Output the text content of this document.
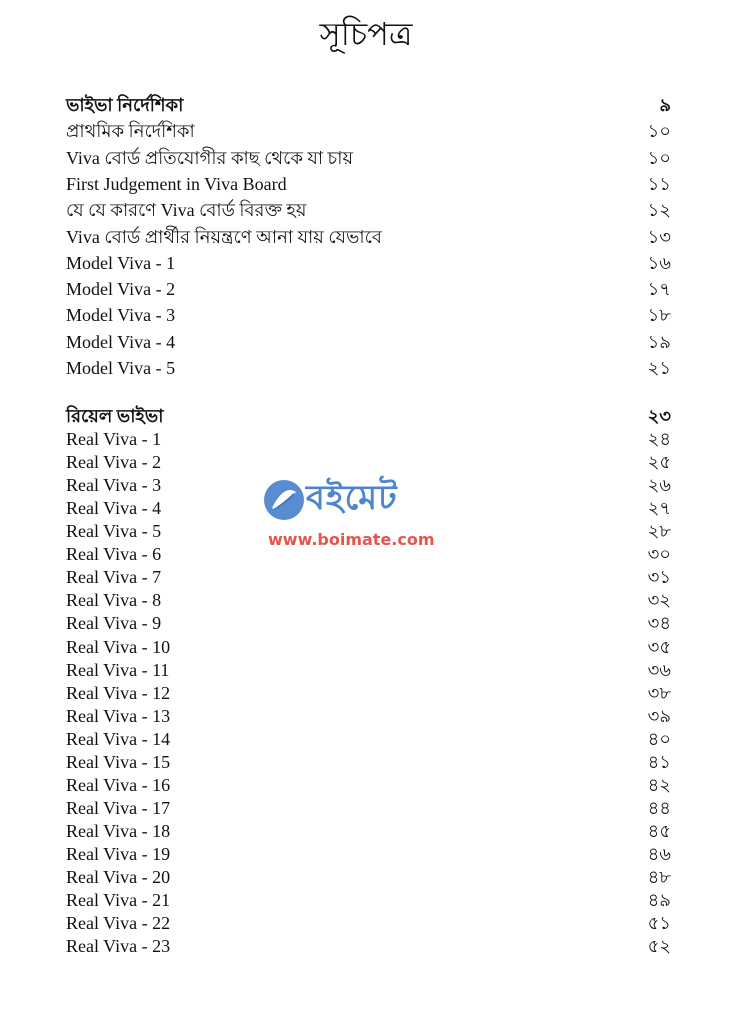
সূচিপত্র
ভাইভা নির্দেশিকা	৯
প্রাথমিক নির্দেশিকা	১০
Viva বোর্ড প্রতিযোগীর কাছ থেকে যা চায়	১০
First Judgement in Viva Board	১১
যে যে কারণে Viva বোর্ড বিরক্ত হয়	১২
Viva বোর্ড প্রার্থীর নিয়ন্ত্রণে আনা যায় যেভাবে	১৩
Model Viva - 1	১৬
Model Viva - 2	১৭
Model Viva - 3	১৮
Model Viva - 4	১৯
Model Viva - 5	২১
রিয়েল ভাইভা	২৩
Real Viva - 1	২৪
Real Viva - 2	২৫
Real Viva - 3	২৬
Real Viva - 4	২৭
Real Viva - 5	২৮
Real Viva - 6	৩০
Real Viva - 7	৩১
Real Viva - 8	৩২
Real Viva - 9	৩৪
Real Viva - 10	৩৫
Real Viva - 11	৩৬
Real Viva - 12	৩৮
Real Viva - 13	৩৯
Real Viva - 14	৪০
Real Viva - 15	৪১
Real Viva - 16	৪২
Real Viva - 17	৪৪
Real Viva - 18	৪৫
Real Viva - 19	৪৬
Real Viva - 20	৪৮
Real Viva - 21	৪৯
Real Viva - 22	৫১
Real Viva - 23	৫২
বইমেট
www.boimate.com
